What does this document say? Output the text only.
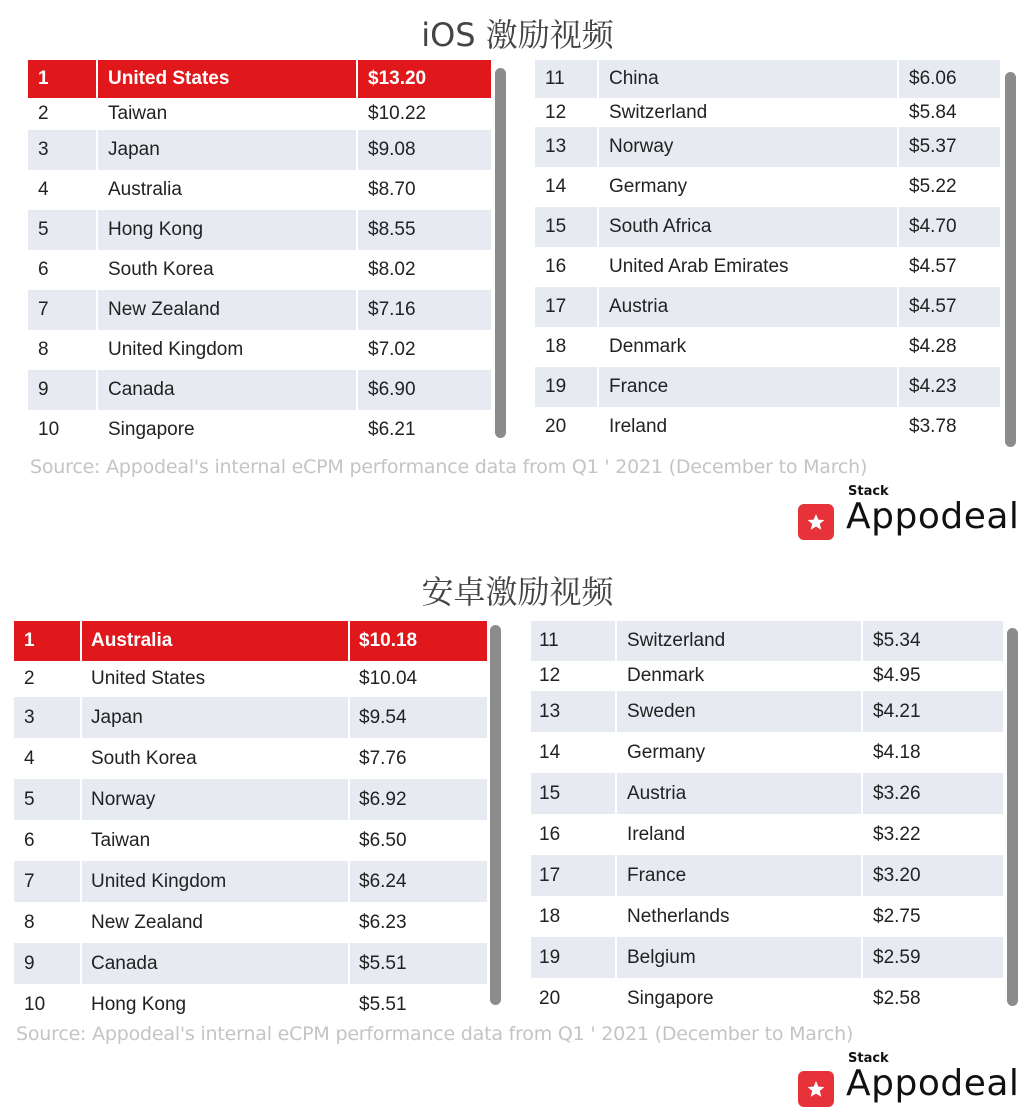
iOS 激励视频
1	United States	$13.20
2	Taiwan	$10.22
3	Japan	$9.08
4	Australia	$8.70
5	Hong Kong	$8.55
6	South Korea	$8.02
7	New Zealand	$7.16
8	United Kingdom	$7.02
9	Canada	$6.90
10	Singapore	$6.21
11	China	$6.06
12	Switzerland	$5.84
13	Norway	$5.37
14	Germany	$5.22
15	South Africa	$4.70
16	United Arab Emirates	$4.57
17	Austria	$4.57
18	Denmark	$4.28
19	France	$4.23
20	Ireland	$3.78
Source: Appodeal's internal eCPM performance data from Q1 ' 2021 (December to March)
Stack
Appodeal
安卓激励视频
1	Australia	$10.18
2	United States	$10.04
3	Japan	$9.54
4	South Korea	$7.76
5	Norway	$6.92
6	Taiwan	$6.50
7	United Kingdom	$6.24
8	New Zealand	$6.23
9	Canada	$5.51
10	Hong Kong	$5.51
11	Switzerland	$5.34
12	Denmark	$4.95
13	Sweden	$4.21
14	Germany	$4.18
15	Austria	$3.26
16	Ireland	$3.22
17	France	$3.20
18	Netherlands	$2.75
19	Belgium	$2.59
20	Singapore	$2.58
Source: Appodeal's internal eCPM performance data from Q1 ' 2021 (December to March)
Stack
Appodeal
